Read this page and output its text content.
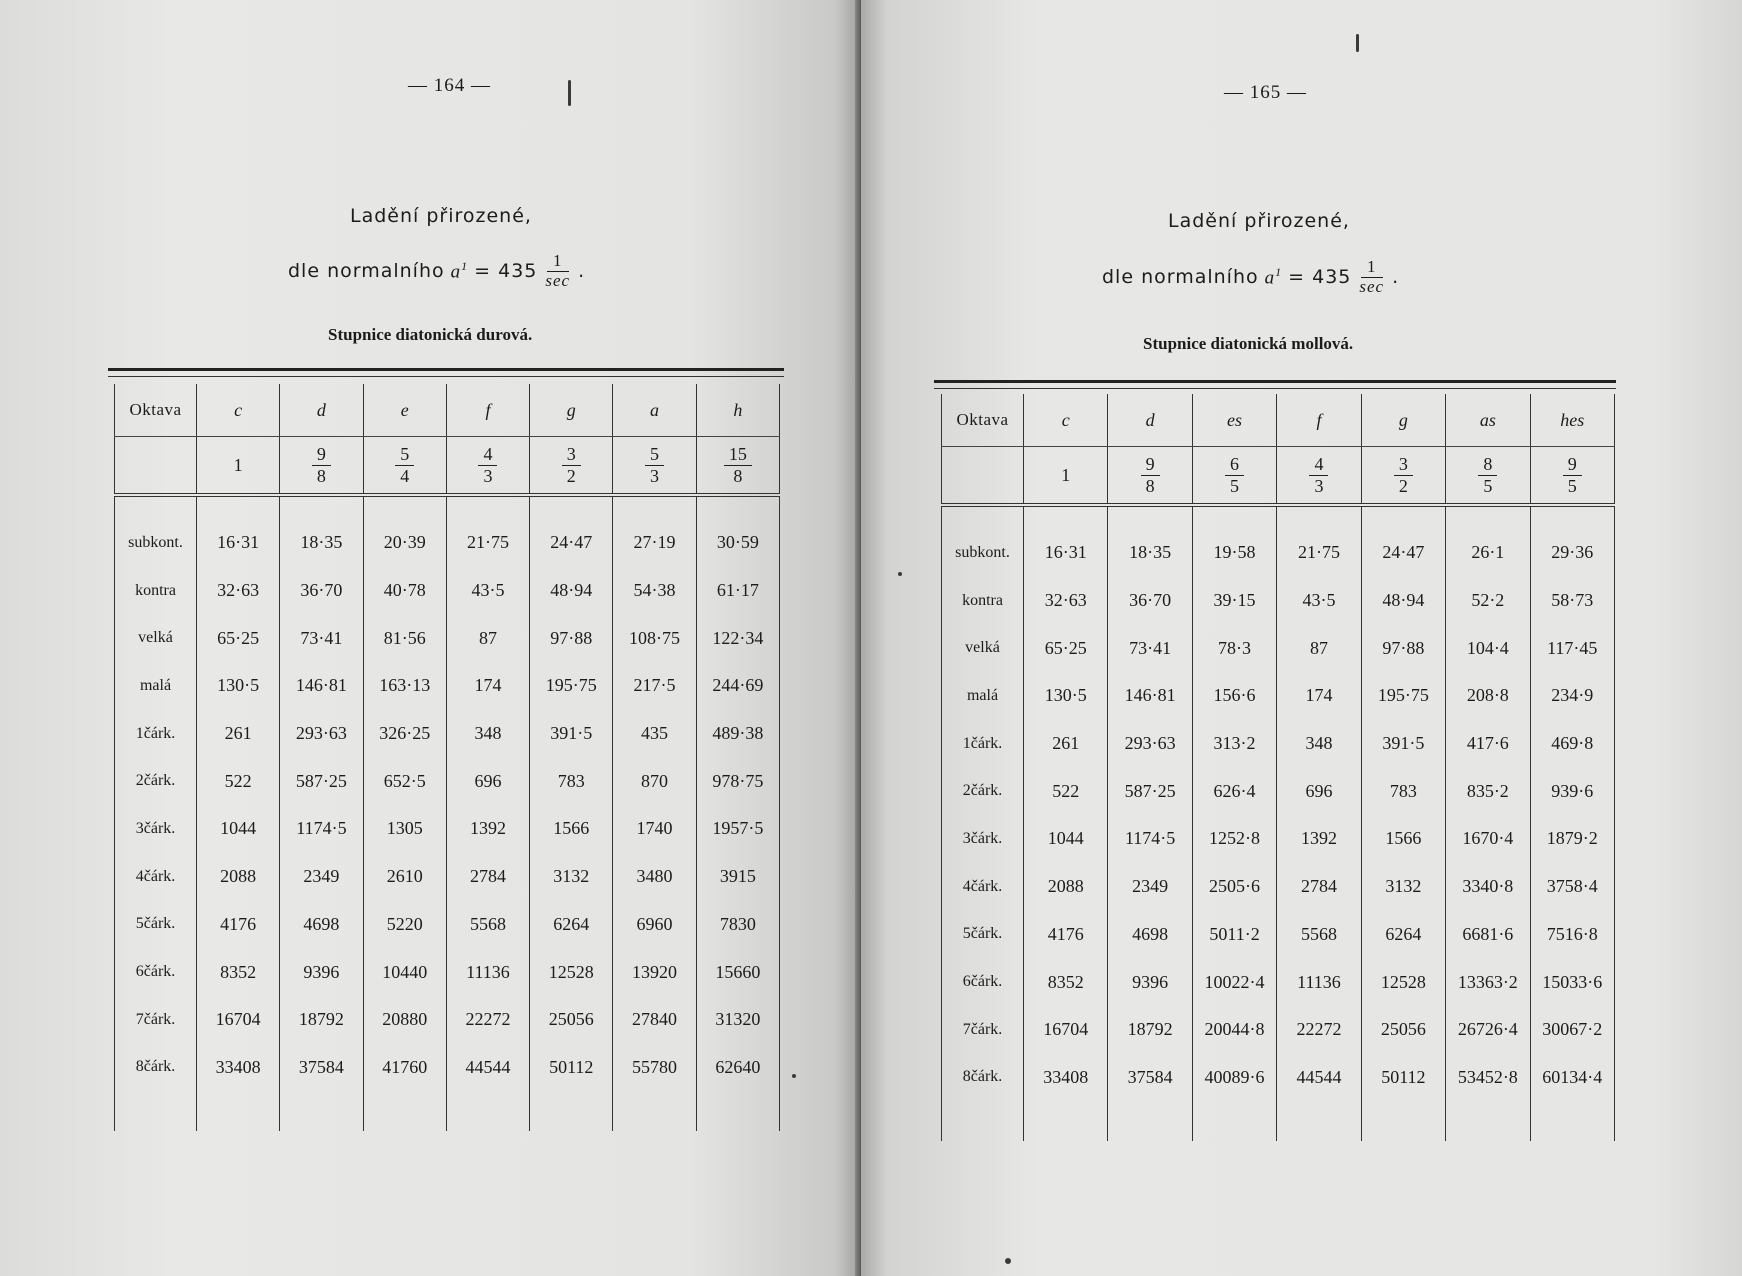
— 164 —
Ladění přirozené,
dle normalního $a^1 = 435 \frac{1}{\sec}$ .
Stupnice diatonická durová.
Oktava	c	d	e	f	g	a	h
	1	$\frac{9}{8}$	$\frac{5}{4}$	$\frac{4}{3}$	$\frac{3}{2}$	$\frac{5}{3}$	$\frac{15}{8}$

subkont.	16·31	18·35	20·39	21·75	24·47	27·19	30·59
kontra	32·63	36·70	40·78	43·5	48·94	54·38	61·17
velká	65·25	73·41	81·56	87	97·88	108·75	122·34
malá	130·5	146·81	163·13	174	195·75	217·5	244·69
1čárk.	261	293·63	326·25	348	391·5	435	489·38
2čárk.	522	587·25	652·5	696	783	870	978·75
3čárk.	1044	1174·5	1305	1392	1566	1740	1957·5
4čárk.	2088	2349	2610	2784	3132	3480	3915
5čárk.	4176	4698	5220	5568	6264	6960	7830
6čárk.	8352	9396	10440	11136	12528	13920	15660
7čárk.	16704	18792	20880	22272	25056	27840	31320
8čárk.	33408	37584	41760	44544	50112	55780	62640

— 165 —
Ladění přirozené,
dle normalního $a^1 = 435 \frac{1}{\sec}$ .
Stupnice diatonická mollová.
Oktava	c	d	es	f	g	as	hes
	1	$\frac{9}{8}$	$\frac{6}{5}$	$\frac{4}{3}$	$\frac{3}{2}$	$\frac{8}{5}$	$\frac{9}{5}$

subkont.	16·31	18·35	19·58	21·75	24·47	26·1	29·36
kontra	32·63	36·70	39·15	43·5	48·94	52·2	58·73
velká	65·25	73·41	78·3	87	97·88	104·4	117·45
malá	130·5	146·81	156·6	174	195·75	208·8	234·9
1čárk.	261	293·63	313·2	348	391·5	417·6	469·8
2čárk.	522	587·25	626·4	696	783	835·2	939·6
3čárk.	1044	1174·5	1252·8	1392	1566	1670·4	1879·2
4čárk.	2088	2349	2505·6	2784	3132	3340·8	3758·4
5čárk.	4176	4698	5011·2	5568	6264	6681·6	7516·8
6čárk.	8352	9396	10022·4	11136	12528	13363·2	15033·6
7čárk.	16704	18792	20044·8	22272	25056	26726·4	30067·2
8čárk.	33408	37584	40089·6	44544	50112	53452·8	60134·4
